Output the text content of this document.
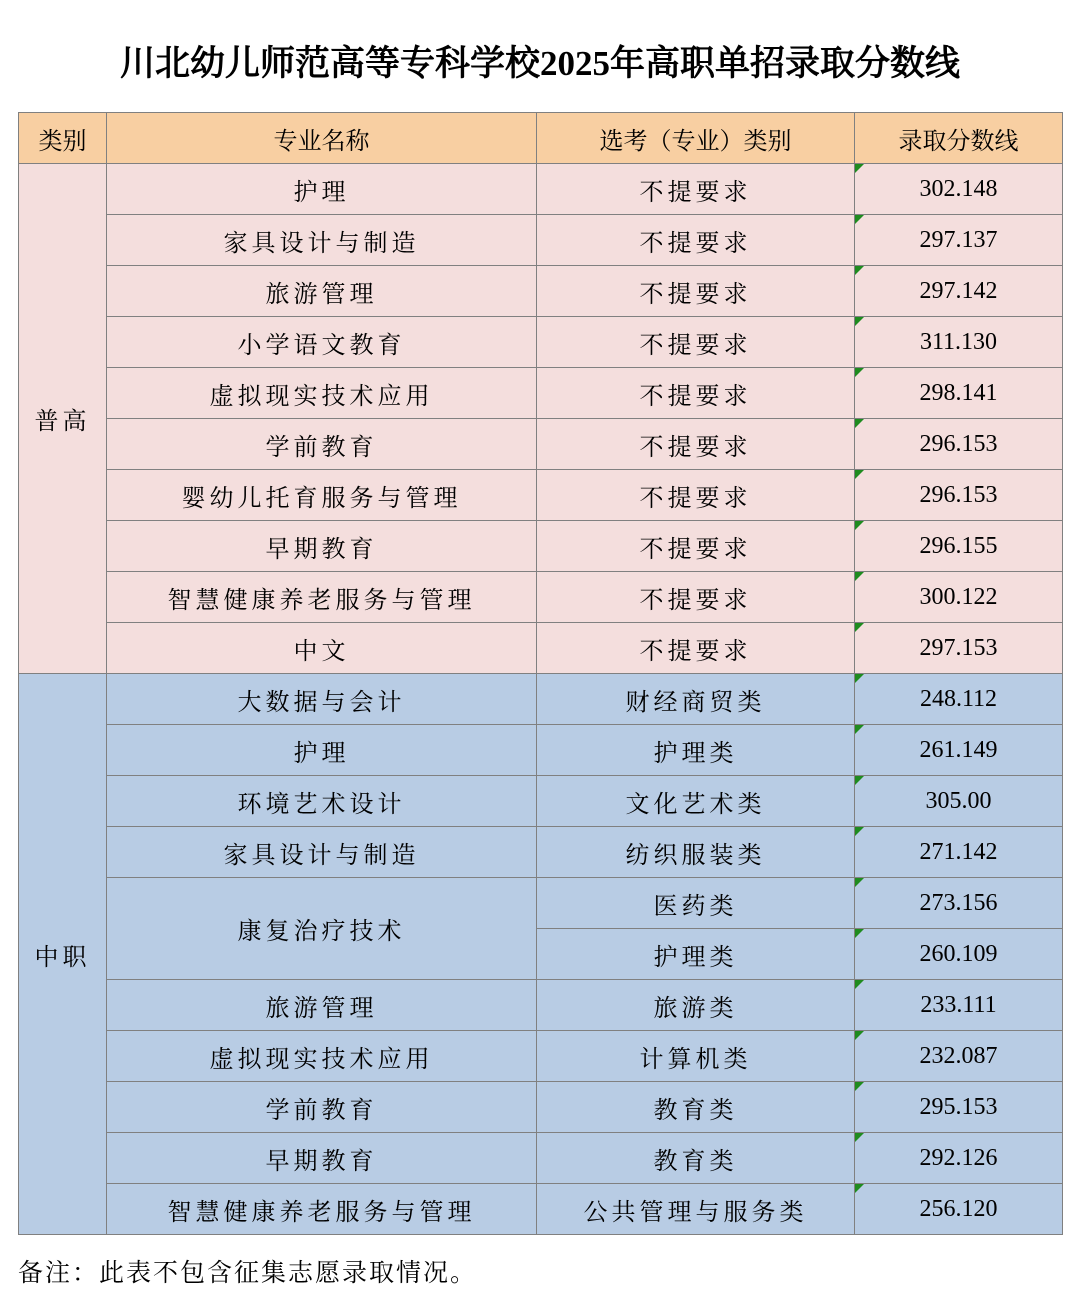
川北幼儿师范高等专科学校2025年高职单招录取分数线
类别	专业名称	选考（专业）类别	录取分数线
普高	护理	不提要求	302.148
	家具设计与制造	不提要求	297.137
	旅游管理	不提要求	297.142
	小学语文教育	不提要求	311.130
	虚拟现实技术应用	不提要求	298.141
	学前教育	不提要求	296.153
	婴幼儿托育服务与管理	不提要求	296.153
	早期教育	不提要求	296.155
	智慧健康养老服务与管理	不提要求	300.122
	中文	不提要求	297.153
中职	大数据与会计	财经商贸类	248.112
	护理	护理类	261.149
	环境艺术设计	文化艺术类	305.00
	家具设计与制造	纺织服装类	271.142
	康复治疗技术	医药类	273.156
		护理类	260.109
	旅游管理	旅游类	233.111
	虚拟现实技术应用	计算机类	232.087
	学前教育	教育类	295.153
	早期教育	教育类	292.126
	智慧健康养老服务与管理	公共管理与服务类	256.120
备注：此表不包含征集志愿录取情况。
